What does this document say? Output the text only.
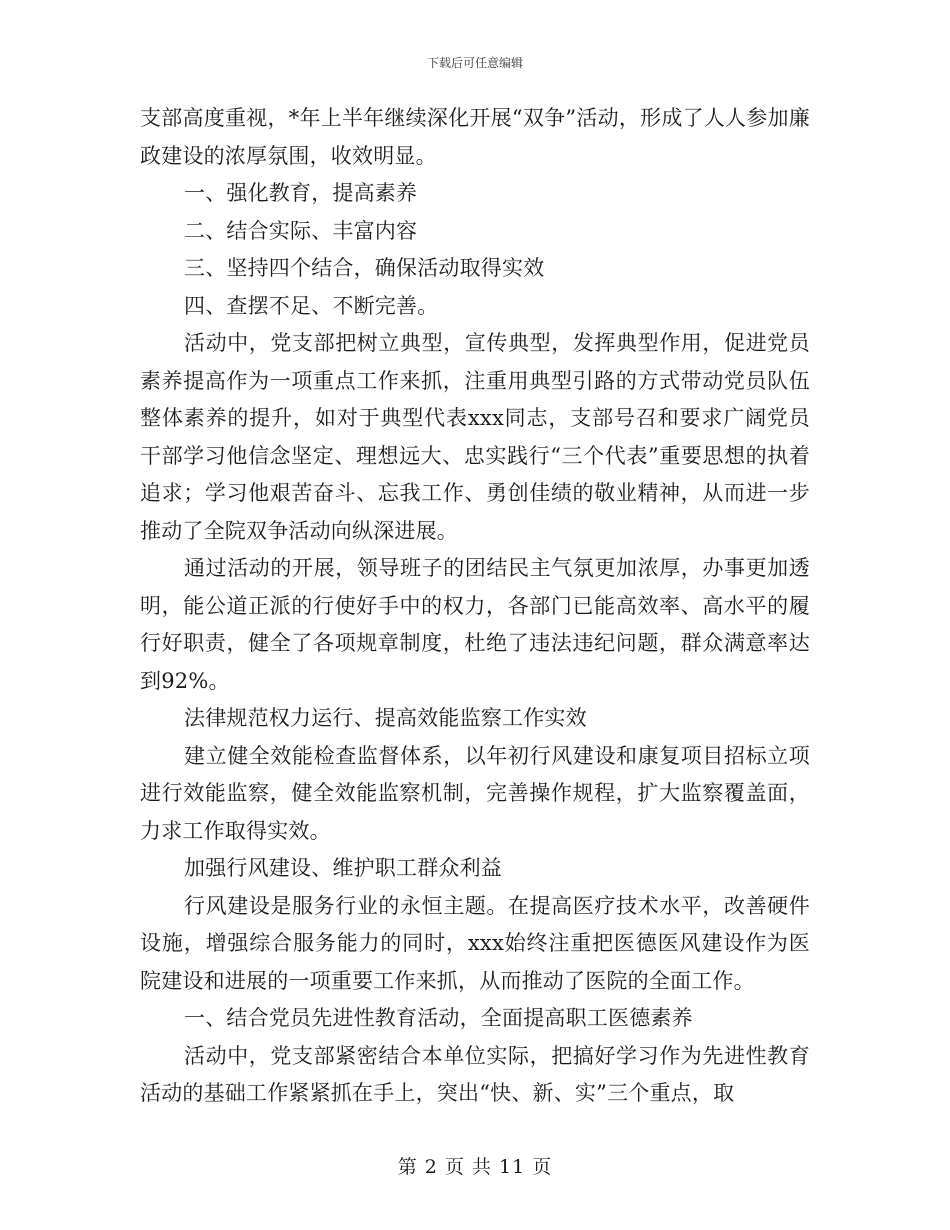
下载后可任意编辑

支部高度重视，*年上半年继续深化开展“双争”活动，形成了人人参加廉政建设的浓厚氛围，收效明显。

一、强化教育，提高素养

二、结合实际、丰富内容

三、坚持四个结合，确保活动取得实效

四、查摆不足、不断完善。

活动中，党支部把树立典型，宣传典型，发挥典型作用，促进党员素养提高作为一项重点工作来抓，注重用典型引路的方式带动党员队伍整体素养的提升，如对于典型代表xxx同志，支部号召和要求广阔党员干部学习他信念坚定、理想远大、忠实践行“三个代表”重要思想的执着追求；学习他艰苦奋斗、忘我工作、勇创佳绩的敬业精神，从而进一步推动了全院双争活动向纵深进展。

通过活动的开展，领导班子的团结民主气氛更加浓厚，办事更加透明，能公道正派的行使好手中的权力，各部门已能高效率、高水平的履行好职责，健全了各项规章制度，杜绝了违法违纪问题，群众满意率达到92%。

法律规范权力运行、提高效能监察工作实效

建立健全效能检查监督体系，以年初行风建设和康复项目招标立项进行效能监察，健全效能监察机制，完善操作规程，扩大监察覆盖面，力求工作取得实效。

加强行风建设、维护职工群众利益

行风建设是服务行业的永恒主题。在提高医疗技术水平，改善硬件设施，增强综合服务能力的同时，xxx始终注重把医德医风建设作为医院建设和进展的一项重要工作来抓，从而推动了医院的全面工作。

一、结合党员先进性教育活动，全面提高职工医德素养

活动中，党支部紧密结合本单位实际，把搞好学习作为先进性教育活动的基础工作紧紧抓在手上，突出“快、新、实”三个重点，取

第 2 页 共 11 页
